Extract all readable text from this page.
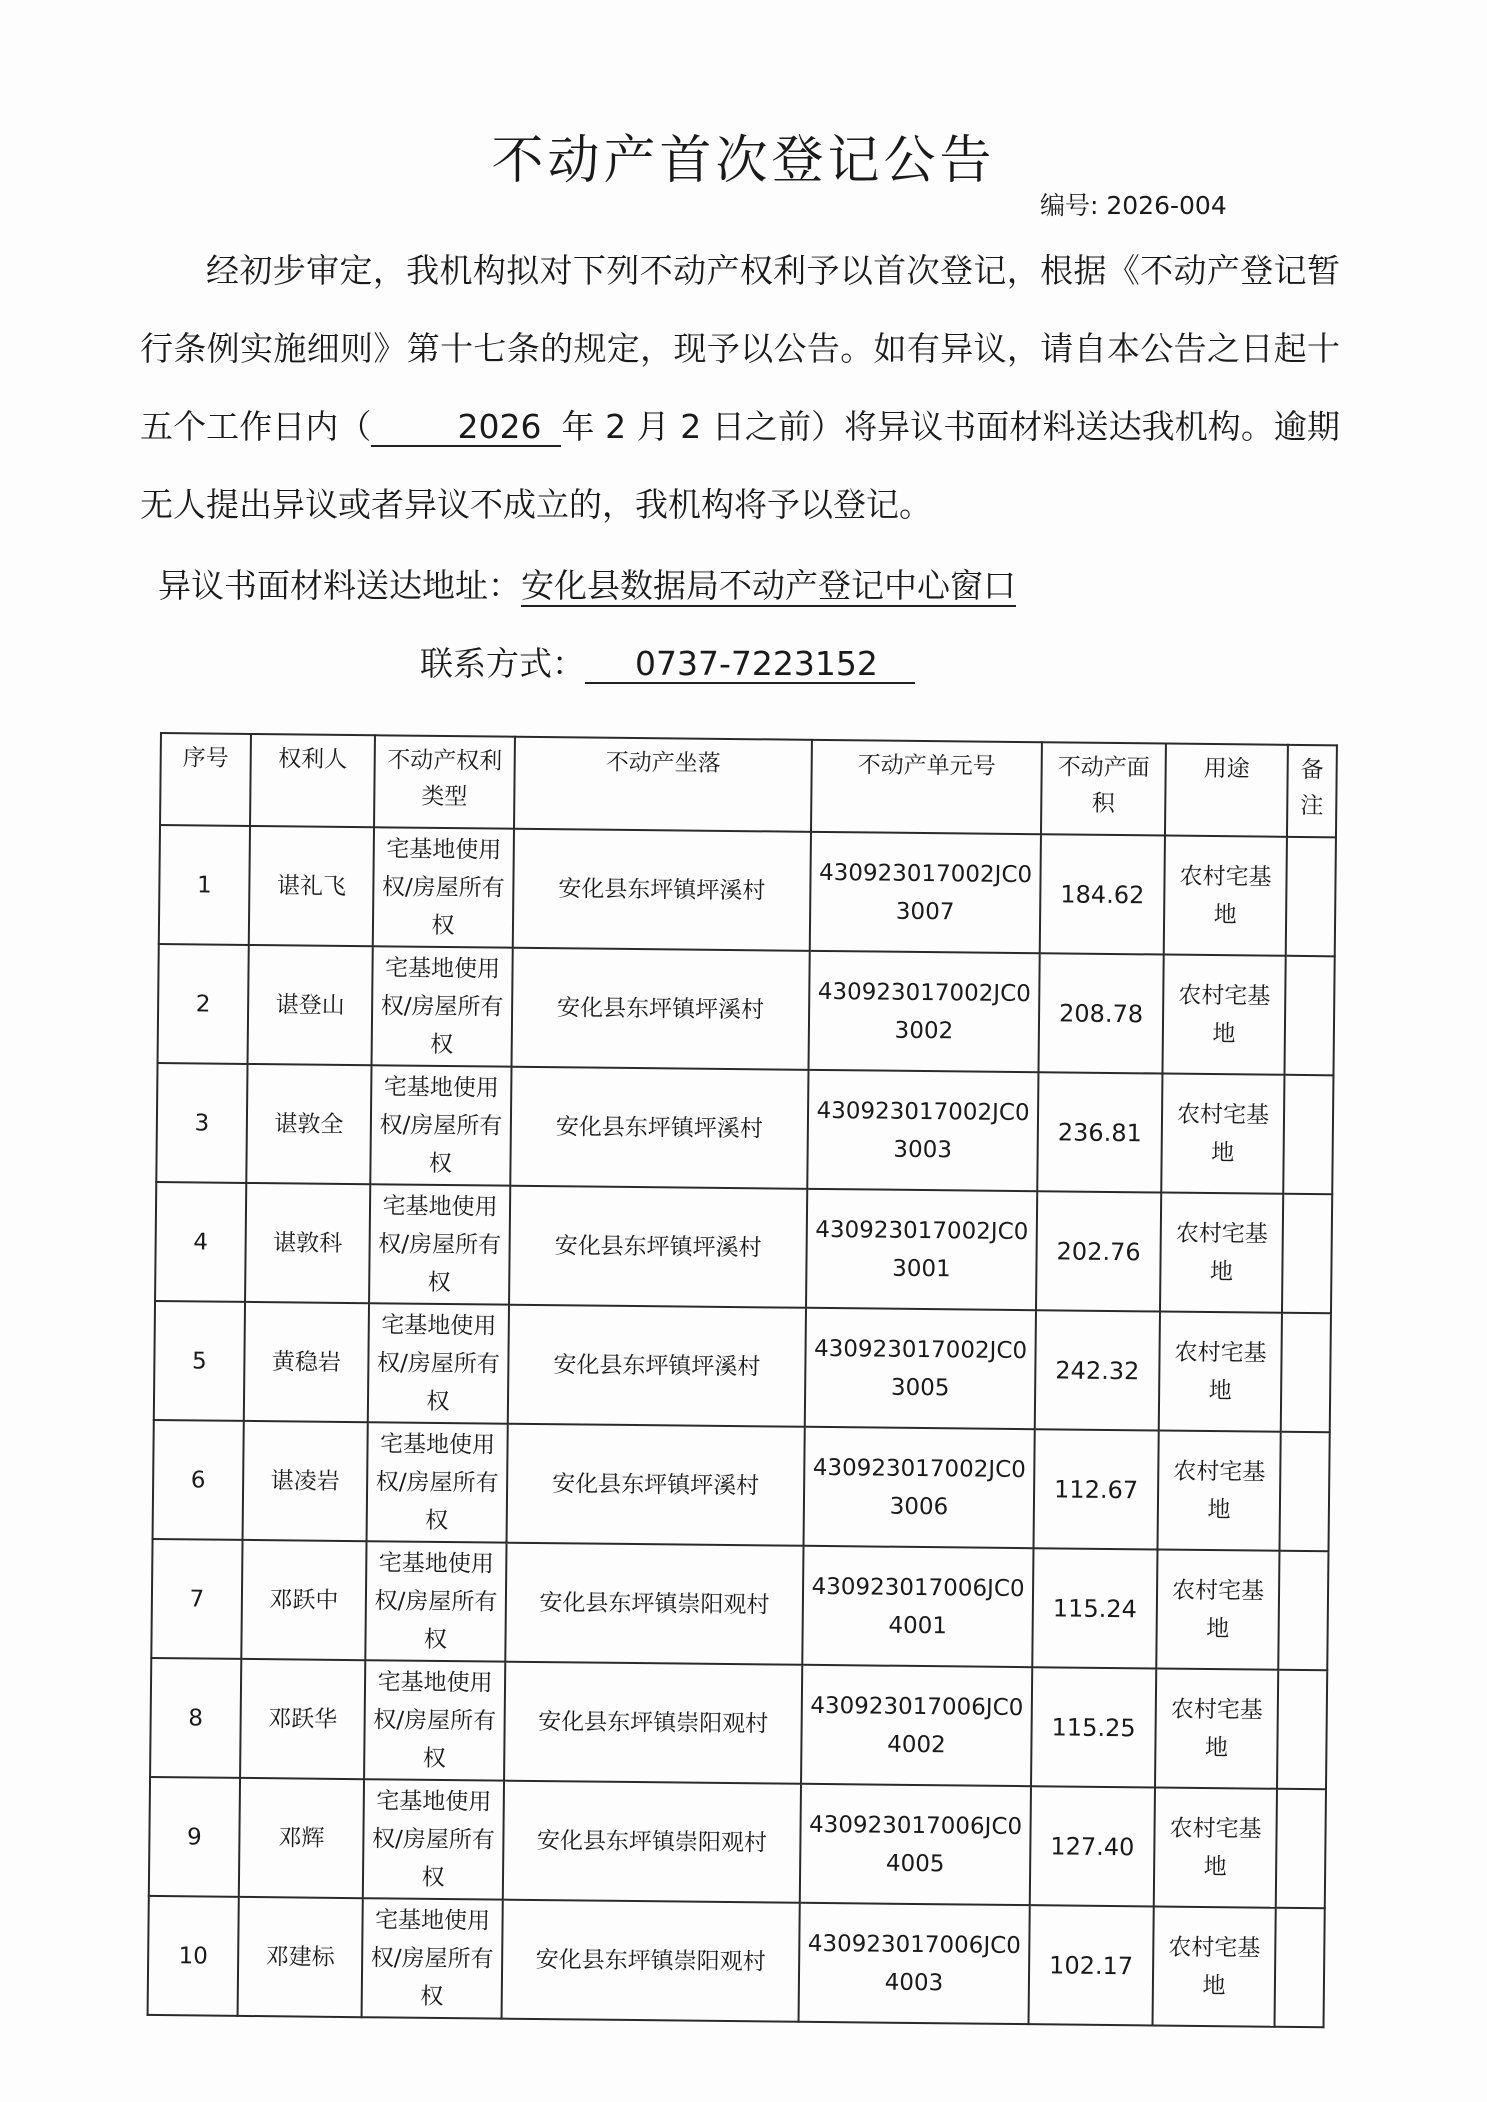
不动产首次登记公告
编号: 2026-004
经初步审定，我机构拟对下列不动产权利予以首次登记，根据《不动产登记暂行条例实施细则》第十七条的规定，现予以公告。如有异议，请自本公告之日起十五个工作日内（	2026 年 2 月 2 日之前）将异议书面材料送达我机构。逾期无人提出异议或者异议不成立的，我机构将予以登记。
异议书面材料送达地址：安化县数据局不动产登记中心窗口
联系方式： 0737-7223152
序号	权利人	不动产权利类型	不动产坐落	不动产单元号	不动产面积	用途	备注
1	谌礼飞	宅基地使用权/房屋所有权	安化县东坪镇坪溪村	430923017002JC03007	184.62	农村宅基地	
2	谌登山	宅基地使用权/房屋所有权	安化县东坪镇坪溪村	430923017002JC03002	208.78	农村宅基地	
3	谌敦全	宅基地使用权/房屋所有权	安化县东坪镇坪溪村	430923017002JC03003	236.81	农村宅基地	
4	谌敦科	宅基地使用权/房屋所有权	安化县东坪镇坪溪村	430923017002JC03001	202.76	农村宅基地	
5	黄稳岩	宅基地使用权/房屋所有权	安化县东坪镇坪溪村	430923017002JC03005	242.32	农村宅基地	
6	谌凌岩	宅基地使用权/房屋所有权	安化县东坪镇坪溪村	430923017002JC03006	112.67	农村宅基地	
7	邓跃中	宅基地使用权/房屋所有权	安化县东坪镇崇阳观村	430923017006JC04001	115.24	农村宅基地	
8	邓跃华	宅基地使用权/房屋所有权	安化县东坪镇崇阳观村	430923017006JC04002	115.25	农村宅基地	
9	邓辉	宅基地使用权/房屋所有权	安化县东坪镇崇阳观村	430923017006JC04005	127.40	农村宅基地	
10	邓建标	宅基地使用权/房屋所有权	安化县东坪镇崇阳观村	430923017006JC04003	102.17	农村宅基地	
